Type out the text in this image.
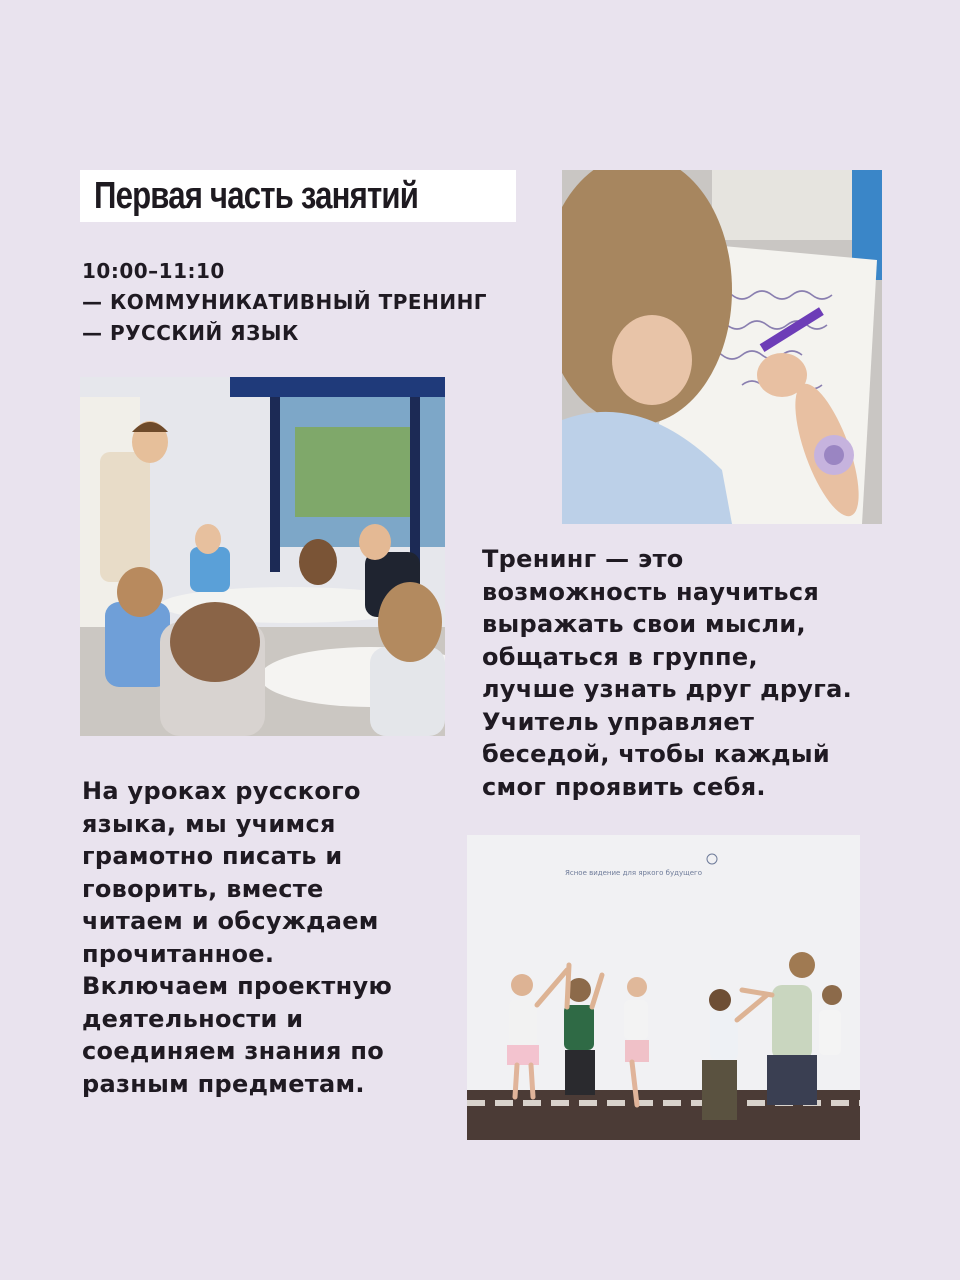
Первая часть занятий
10:00–11:10
— КОММУНИКАТИВНЫЙ ТРЕНИНГ
— РУССКИЙ ЯЗЫК
Ясное видение для яркого будущего
Тренинг — это
возможность научиться
выражать свои мысли,
общаться в группе,
лучше узнать друг друга.
Учитель управляет
беседой, чтобы каждый
смог проявить себя.
На уроках русского
языка, мы учимся
грамотно писать и
говорить, вместе
читаем и обсуждаем
прочитанное.
Включаем проектную
деятельности и
соединяем знания по
разным предметам.
